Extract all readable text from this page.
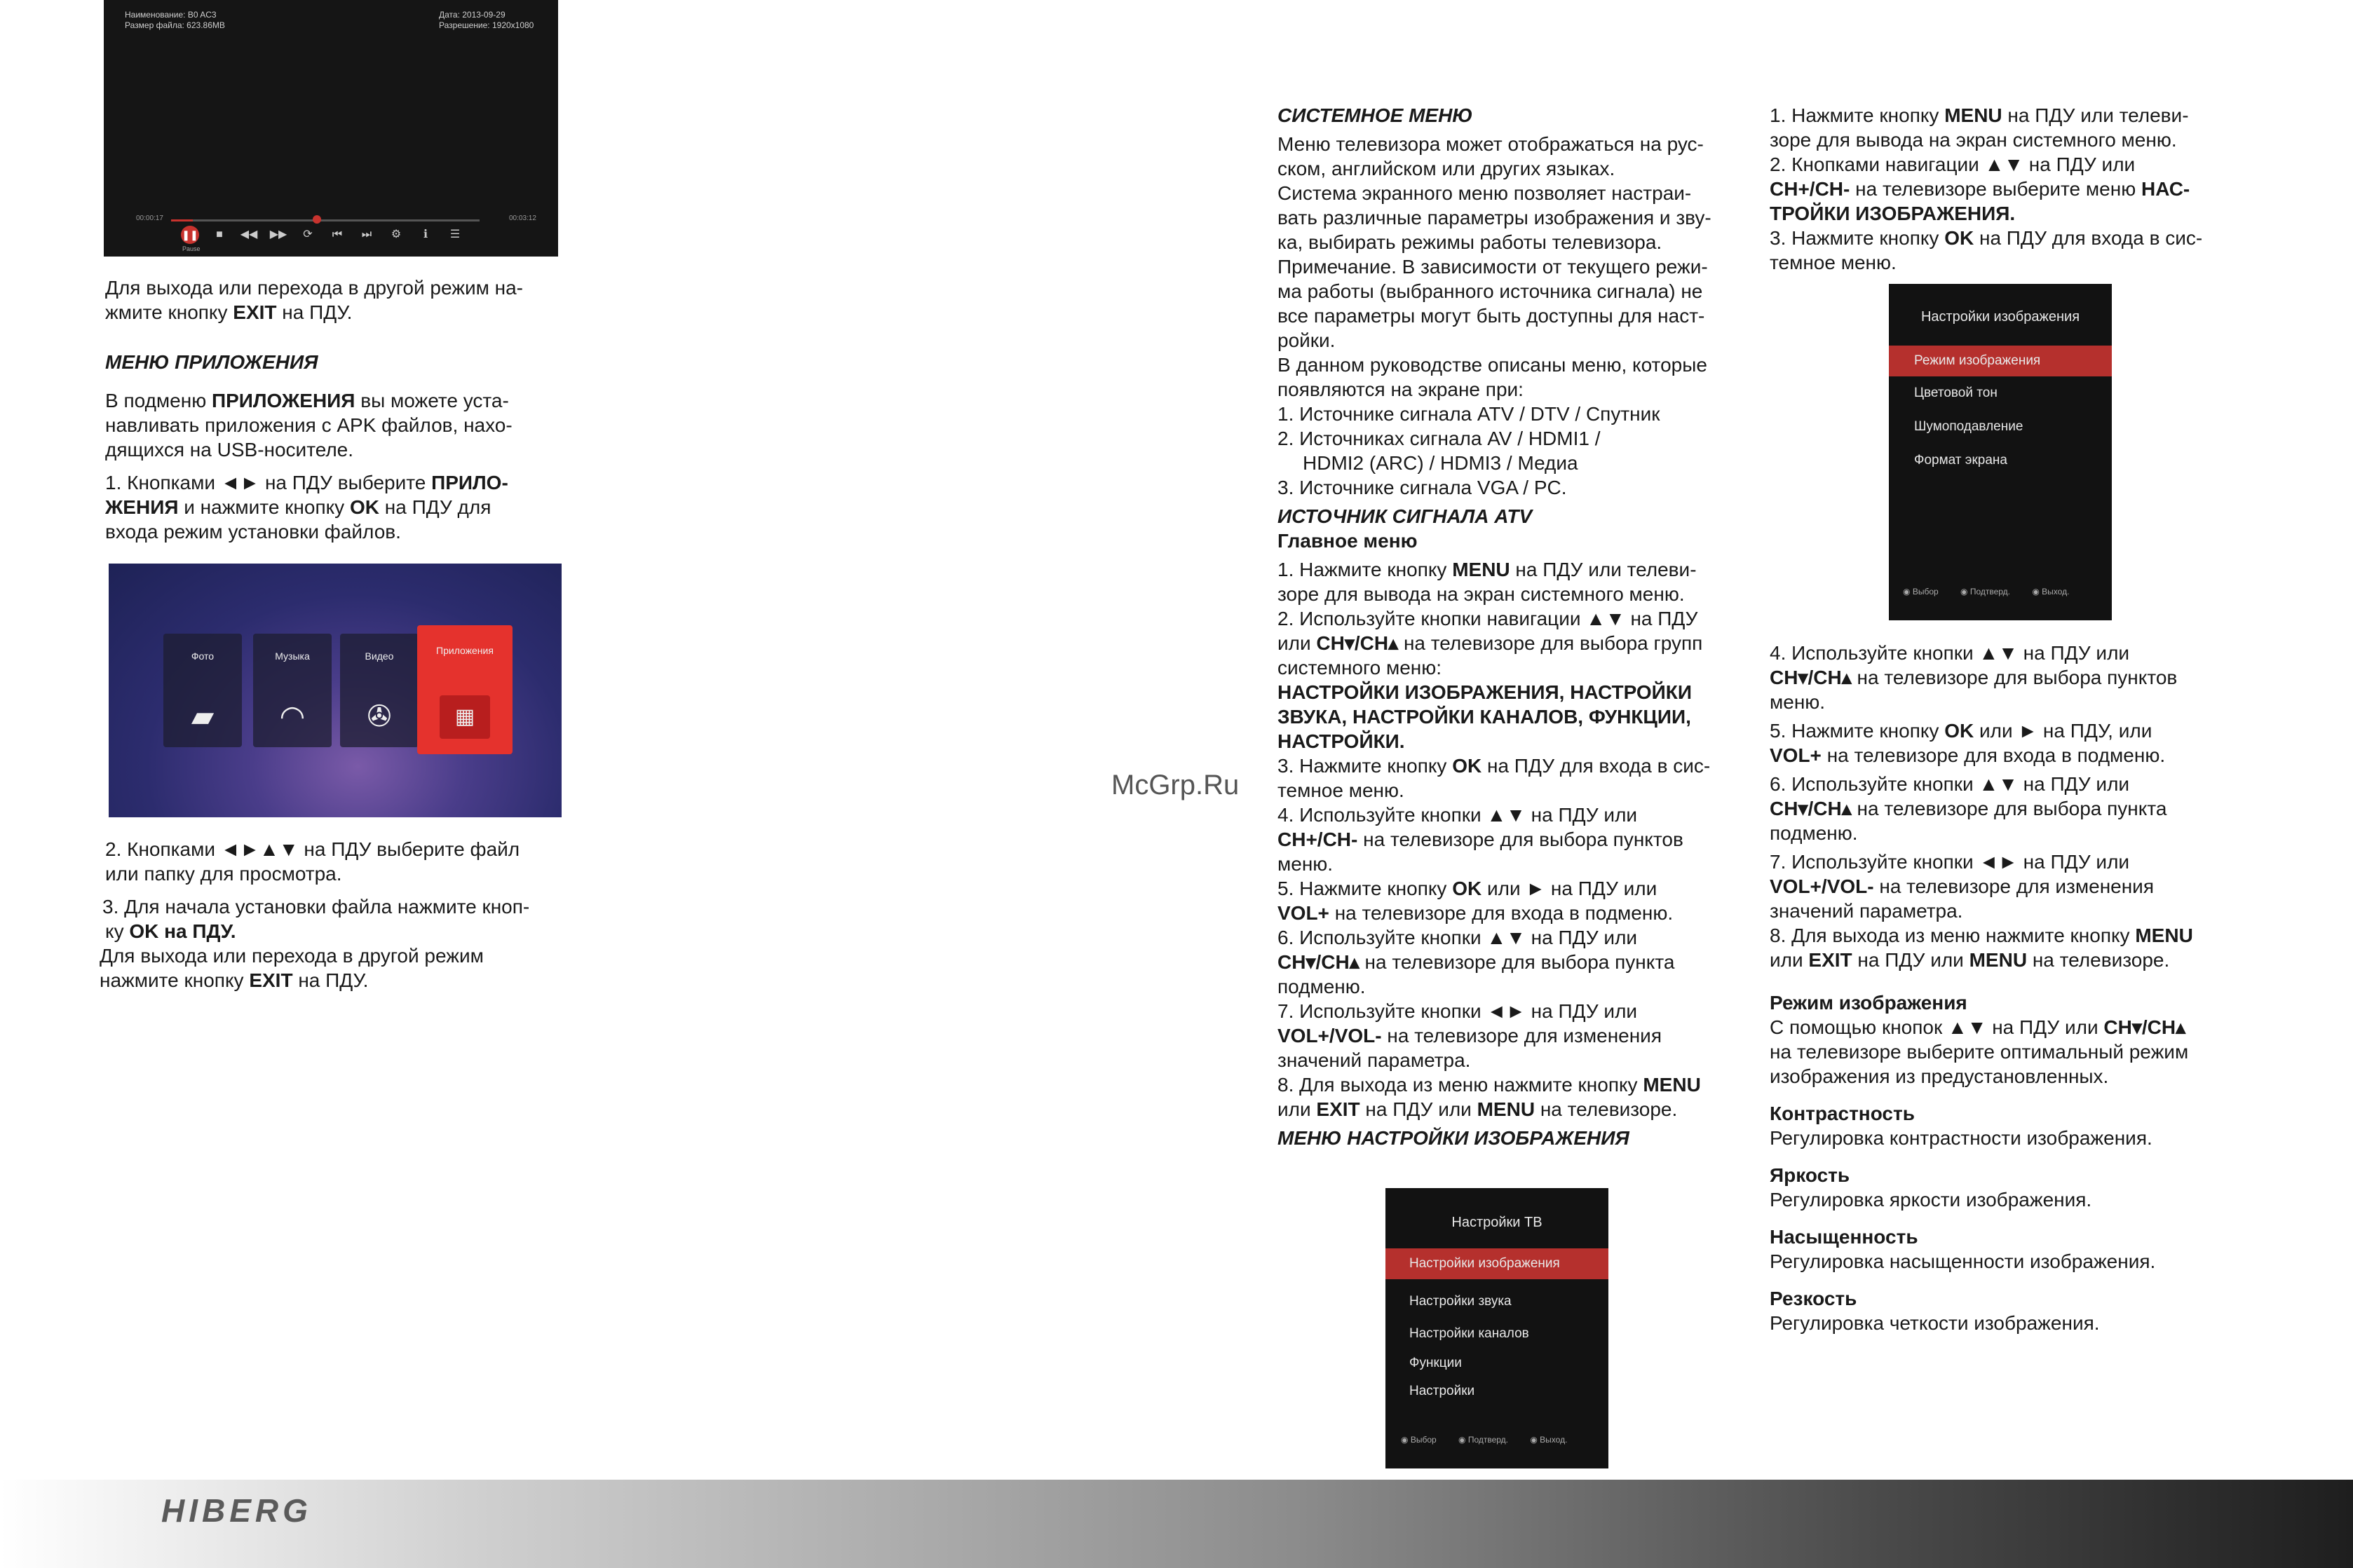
Наименование: B0 AC3
Размер файла: 623.86MB
Дата: 2013-09-29
Разрешение: 1920x1080
00:00:17	00:03:12
❚❚
Pause
■	◀◀ ▶▶	⟳	⏮	⏭	⚙	ℹ	☰

Для выхода или перехода в другой режим на-

жмите кнопку EXIT на ПДУ.

МЕНЮ ПРИЛОЖЕНИЯ

В подменю ПРИЛОЖЕНИЯ вы можете уста-

навливать приложения с APK файлов, нахо-

дящихся на USB-носителе.

1. Кнопками ◄► на ПДУ выберите ПРИЛО-

ЖЕНИЯ и нажмите кнопку OK на ПДУ для

входа режим установки файлов.

Фото
▰
Музыка
◠
Видео
✇
Приложения
▦

2. Кнопками ◄►▲▼ на ПДУ выберите файл

или папку для просмотра.

3. Для начала установки файла нажмите кноп-

ку OK на ПДУ.

Для выхода или перехода в другой режим

нажмите кнопку EXIT на ПДУ.

McGrp.Ru

СИСТЕМНОЕ МЕНЮ

Меню телевизора может отображаться на рус-

ском, английском или других языках.

Система экранного меню позволяет настраи-

вать различные параметры изображения и зву-

ка, выбирать режимы работы телевизора.

Примечание. В зависимости от текущего режи-

ма работы (выбранного источника сигнала) не

все параметры могут быть доступны для наст-

ройки.

В данном руководстве описаны меню, которые

появляются на экране при:

1. Источнике сигнала ATV / DTV / Спутник

2. Источниках сигнала AV / HDMI1 /

HDMI2 (ARC) / HDMI3 / Медиа

3. Источнике сигнала VGA / PC.

ИСТОЧНИК СИГНАЛА ATV

Главное меню

1. Нажмите кнопку MENU на ПДУ или телеви-

зоре для вывода на экран системного меню.

2. Используйте кнопки навигации ▲▼ на ПДУ

или CH▾/CH▴ на телевизоре для выбора групп

системного меню:

НАСТРОЙКИ ИЗОБРАЖЕНИЯ, НАСТРОЙКИ

ЗВУКА, НАСТРОЙКИ КАНАЛОВ, ФУНКЦИИ,

НАСТРОЙКИ.

3. Нажмите кнопку OK на ПДУ для входа в сис-

темное меню.

4. Используйте кнопки ▲▼ на ПДУ или

CH+/CH- на телевизоре для выбора пунктов

меню.

5. Нажмите кнопку OK или ► на ПДУ или

VOL+ на телевизоре для входа в подменю.

6. Используйте кнопки ▲▼ на ПДУ или

CH▾/CH▴ на телевизоре для выбора пункта

подменю.

7. Используйте кнопки ◄► на ПДУ или

VOL+/VOL- на телевизоре для изменения

значений параметра.

8. Для выхода из меню нажмите кнопку MENU

или EXIT на ПДУ или MENU на телевизоре.

МЕНЮ НАСТРОЙКИ ИЗОБРАЖЕНИЯ

Настройки ТВ
Настройки изображения
Настройки звука
Настройки каналов
Функции
Настройки
◉ Выбор	◉ Подтверд.	◉ Выход.

1. Нажмите кнопку MENU на ПДУ или телеви-

зоре для вывода на экран системного меню.

2. Кнопками навигации ▲▼ на ПДУ или

CH+/CH- на телевизоре выберите меню НАС-

ТРОЙКИ ИЗОБРАЖЕНИЯ.

3. Нажмите кнопку OK на ПДУ для входа в сис-

темное меню.

Настройки изображения
Режим изображения
Цветовой тон
Шумоподавление
Формат экрана
◉ Выбор	◉ Подтверд.	◉ Выход.

4. Используйте кнопки ▲▼ на ПДУ или

CH▾/CH▴ на телевизоре для выбора пунктов

меню.

5. Нажмите кнопку OK или ► на ПДУ, или

VOL+ на телевизоре для входа в подменю.

6. Используйте кнопки ▲▼ на ПДУ или

CH▾/CH▴ на телевизоре для выбора пункта

подменю.

7. Используйте кнопки ◄► на ПДУ или

VOL+/VOL- на телевизоре для изменения

значений параметра.

8. Для выхода из меню нажмите кнопку MENU

или EXIT на ПДУ или MENU на телевизоре.

Режим изображения

С помощью кнопок ▲▼ на ПДУ или CH▾/CH▴

на телевизоре выберите оптимальный режим

изображения из предустановленных.

Контрастность

Регулировка контрастности изображения.

Яркость

Регулировка яркости изображения.

Насыщенность

Регулировка насыщенности изображения.

Резкость

Регулировка четкости изображения.

HIBERG
